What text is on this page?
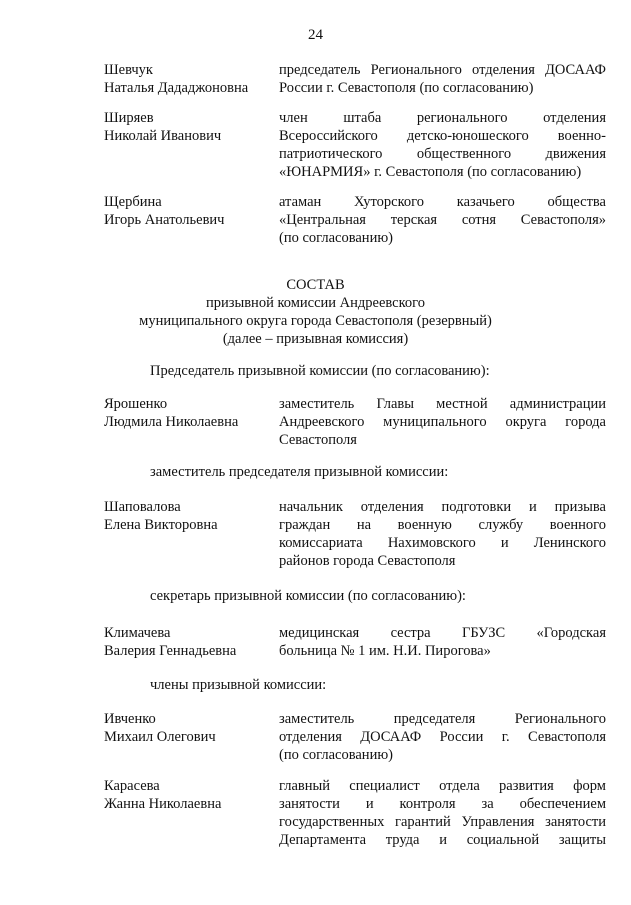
24
Шевчук
Наталья Дададжоновна
председатель Регионального отделения ДОСААФ
России г. Севастополя (по согласованию)
Ширяев
Николай Иванович
член штаба регионального отделения
Всероссийского детско-юношеского военно-
патриотического общественного движения
«ЮНАРМИЯ» г. Севастополя (по согласованию)
Щербина
Игорь Анатольевич
атаман Хуторского казачьего общества
«Центральная терская сотня Севастополя»
(по согласованию)
СОСТАВ
призывной комиссии Андреевского
муниципального округа города Севастополя (резервный)
(далее – призывная комиссия)
Председатель призывной комиссии (по согласованию):
Ярошенко
Людмила Николаевна
заместитель Главы местной администрации
Андреевского муниципального округа города
Севастополя
заместитель председателя призывной комиссии:
Шаповалова
Елена Викторовна
начальник отделения подготовки и призыва
граждан на военную службу военного
комиссариата Нахимовского и Ленинского
районов города Севастополя
секретарь призывной комиссии (по согласованию):
Климачева
Валерия Геннадьевна
медицинская сестра ГБУЗС «Городская
больница № 1 им. Н.И. Пирогова»
члены призывной комиссии:
Ивченко
Михаил Олегович
заместитель председателя Регионального
отделения ДОСААФ России г. Севастополя
(по согласованию)
Карасева
Жанна Николаевна
главный специалист отдела развития форм
занятости и контроля за обеспечением
государственных гарантий Управления занятости
Департамента труда и социальной защиты
